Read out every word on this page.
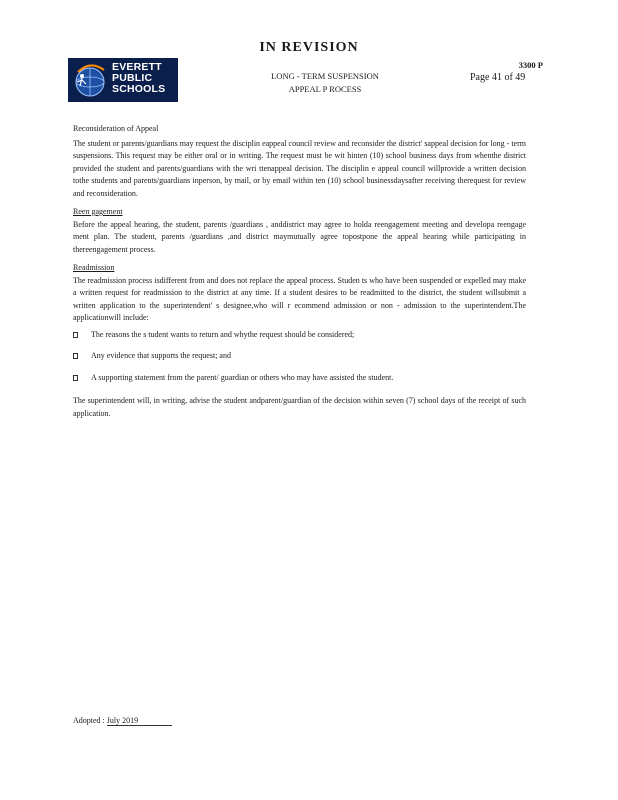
IN REVISION
EVERETT
PUBLIC
SCHOOLS
LONG - TERM SUSPENSION
APPEAL P ROCESS
3300 P
Page 41 of 49
Reconsideration of Appeal

The student or parents/guardians may request the disciplin eappeal council review and reconsider the district' sappeal decision for long - term suspensions. This request may be either oral or in writing. The request must be wit hinten (10) school business days from whenthe district provided the student and parents/guardians with the wri ttenappeal decision. The disciplin e appeal council willprovide a written decision tothe students and parents/guardians inperson, by mail, or by email within ten (10) school businessdaysafter receiving therequest for review and reconsideration.

Reen gagement

Before the appeal hearing, the student, parents /guardians , anddistrict may agree to holda reengagement meeting and developa reengage ment plan. The student, parents /guardians ,and district maymutually agree topostpone the appeal hearing while participating in thereengagement process.

Readmission

The readmission process isdifferent from and does not replace the appeal process. Studen ts who have been suspended or expelled may make a written request for readmission to the district at any time. If a student desires to be readmitted to the district, the student willsubmit a written application to the superintendent' s designee,who will r ecommend admission or non - admission to the superintendent.The applicationwill include:

The reasons the s tudent wants to return and whythe request should be considered;
Any evidence that supports the request; and
A supporting statement from the parent/ guardian or others who may have assisted the student.

The superintendent will, in writing, advise the student andparent/guardian of the decision within seven (7) school days of the receipt of such application.

Adopted : July 2019
